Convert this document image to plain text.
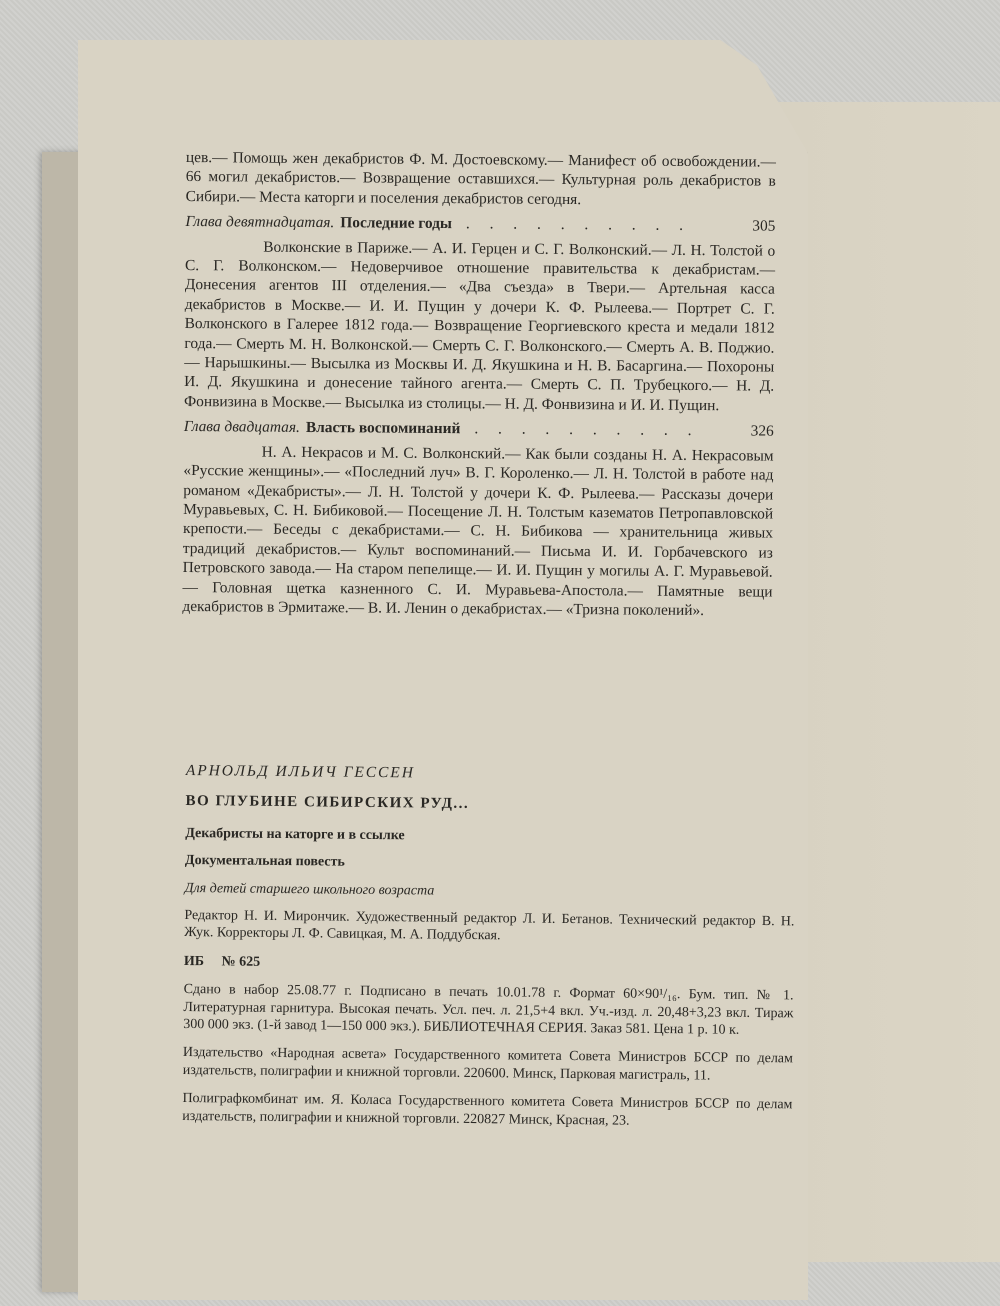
цев.— Помощь жен декабристов Ф. М. Достоевскому.— Манифест об освобождении.— 66 могил декабристов.— Возвращение оставшихся.— Культурная роль декабристов в Сибири.— Места каторги и поселения декабристов сегодня.

Глава девятнадцатая. Последние годы . . . . . . . . . .	305

Волконские в Париже.— А. И. Герцен и С. Г. Волконский.— Л. Н. Толстой о С. Г. Волконском.— Недоверчивое отношение правительства к декабристам.— Донесения агентов III отделения.— «Два съезда» в Твери.— Артельная касса декабристов в Москве.— И. И. Пущин у дочери К. Ф. Рылеева.— Портрет С. Г. Волконского в Галерее 1812 года.— Возвращение Георгиевского креста и медали 1812 года.— Смерть М. Н. Волконской.— Смерть С. Г. Волконского.— Смерть А. В. Поджио.— Нарышкины.— Высылка из Москвы И. Д. Якушкина и Н. В. Басаргина.— Похороны И. Д. Якушкина и донесение тайного агента.— Смерть С. П. Трубецкого.— Н. Д. Фонвизина в Москве.— Высылка из столицы.— Н. Д. Фонвизина и И. И. Пущин.

Глава двадцатая. Власть воспоминаний . . . . . . . . . .	326

Н. А. Некрасов и М. С. Волконский.— Как были созданы Н. А. Некрасовым «Русские женщины».— «Последний луч» В. Г. Короленко.— Л. Н. Толстой в работе над романом «Декабристы».— Л. Н. Толстой у дочери К. Ф. Рылеева.— Рассказы дочери Муравьевых, С. Н. Бибиковой.— Посещение Л. Н. Толстым казематов Петропавловской крепости.— Беседы с декабристами.— С. Н. Бибикова — хранительница живых традиций декабристов.— Культ воспоминаний.— Письма И. И. Горбачевского из Петровского завода.— На старом пепелище.— И. И. Пущин у могилы А. Г. Муравьевой.— Головная щетка казненного С. И. Муравьева-Апостола.— Памятные вещи декабристов в Эрмитаже.— В. И. Ленин о декабристах.— «Тризна поколений».

АРНОЛЬД ИЛЬИЧ ГЕССЕН
ВО ГЛУБИНЕ СИБИРСКИХ РУД...
Декабристы на каторге и в ссылке
Документальная повесть
Для детей старшего школьного возраста
Редактор Н. И. Мирончик. Художественный редактор Л. И. Бетанов. Технический редактор В. Н. Жук. Корректоры Л. Ф. Савицкая, М. А. Поддубская.
ИБ № 625
Сдано в набор 25.08.77 г. Подписано в печать 10.01.78 г. Формат 60×90¹/₁₆. Бум. тип. № 1. Литературная гарнитура. Высокая печать. Усл. печ. л. 21,5+4 вкл. Уч.-изд. л. 20,48+3,23 вкл. Тираж 300 000 экз. (1-й завод 1—150 000 экз.). БИБЛИОТЕЧНАЯ СЕРИЯ. Заказ 581. Цена 1 р. 10 к.
Издательство «Народная асвета» Государственного комитета Совета Министров БССР по делам издательств, полиграфии и книжной торговли. 220600. Минск, Парковая магистраль, 11.
Полиграфкомбинат им. Я. Коласа Государственного комитета Совета Министров БССР по делам издательств, полиграфии и книжной торговли. 220827 Минск, Красная, 23.
